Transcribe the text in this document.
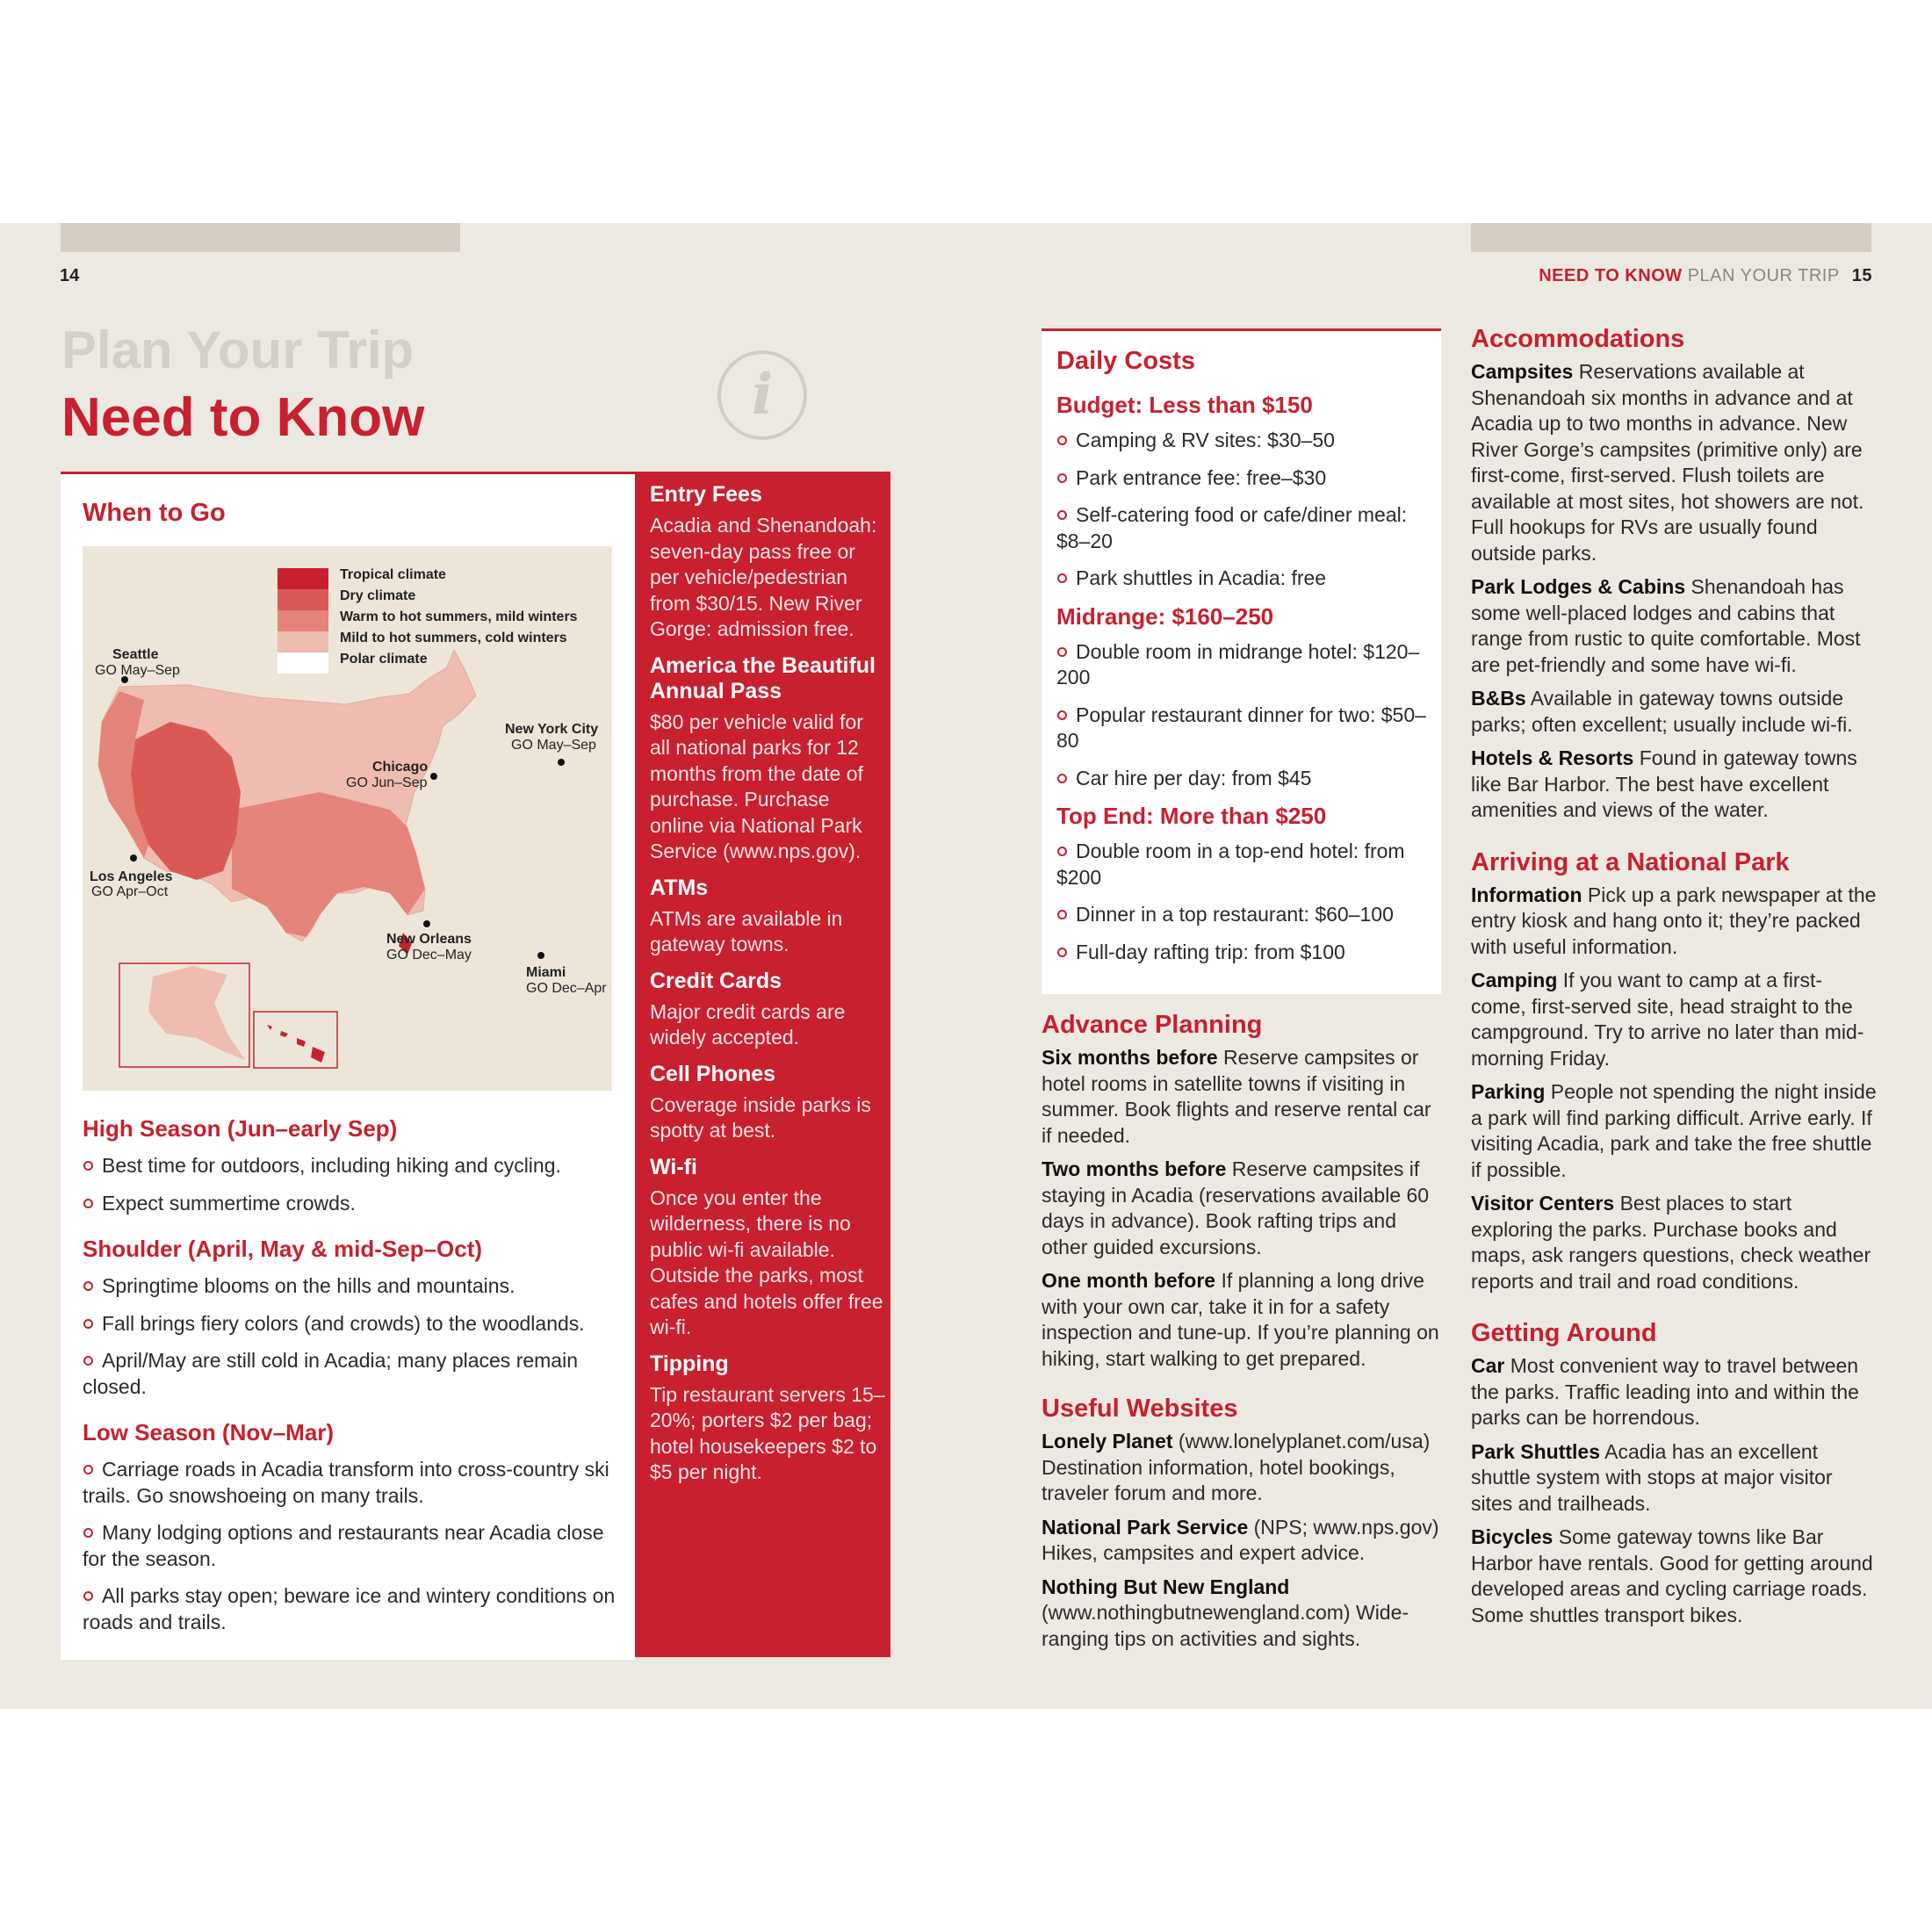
14	NEED TO KNOW PLAN YOUR TRIP 15
Plan Your Trip
Need to Know	i
When to Go
High Season (Jun–early Sep)
Best time for outdoors, including hiking and cycling.
Expect summertime crowds.
Shoulder (April, May & mid-Sep–Oct)
Springtime blooms on the hills and mountains.
Fall brings fiery colors (and crowds) to the woodlands.
April/May are still cold in Acadia; many places remain closed.
Low Season (Nov–Mar)
Carriage roads in Acadia transform into cross-country ski trails. Go snowshoeing on many trails.
Many lodging options and restaurants near Acadia close for the season.
All parks stay open; beware ice and wintery conditions on roads and trails.
Tropical climate
Dry climate
Warm to hot summers, mild winters
Mild to hot summers, cold winters
Polar climate
Seattle
GO May–Sep
New York City
GO May–Sep
Chicago
GO Jun–Sep
Los Angeles
GO Apr–Oct
New Orleans
GO Dec–May
Miami
GO Dec–Apr
Entry Fees

Acadia and Shenandoah: seven-day pass free or per vehicle/pedestrian from $30/15. New River Gorge: admission free.

America the Beautiful Annual Pass

$80 per vehicle valid for all national parks for 12 months from the date of purchase. Purchase online via National Park Service (www.nps.gov).

ATMs

ATMs are available in gateway towns.

Credit Cards

Major credit cards are widely accepted.

Cell Phones

Coverage inside parks is spotty at best.

Wi-fi

Once you enter the wilderness, there is no public wi-fi available. Outside the parks, most cafes and hotels offer free wi-fi.

Tipping

Tip restaurant servers 15–20%; porters $2 per bag; hotel housekeepers $2 to $5 per night.

Daily Costs
Budget: Less than $150
Camping & RV sites: $30–50
Park entrance fee: free–$30
Self-catering food or cafe/diner meal: $8–20
Park shuttles in Acadia: free
Midrange: $160–250
Double room in midrange hotel: $120–200
Popular restaurant dinner for two: $50–80
Car hire per day: from $45
Top End: More than $250
Double room in a top-end hotel: from $200
Dinner in a top restaurant: $60–100
Full-day rafting trip: from $100
Advance Planning

Six months before Reserve campsites or hotel rooms in satellite towns if visiting in summer. Book flights and reserve rental car if needed.

Two months before Reserve campsites if staying in Acadia (reservations available 60 days in advance). Book rafting trips and other guided excursions.

One month before If planning a long drive with your own car, take it in for a safety inspection and tune-up. If you’re planning on hiking, start walking to get prepared.

Useful Websites

Lonely Planet (www.lonelyplanet.com/usa) Destination information, hotel bookings, traveler forum and more.

National Park Service (NPS; www.nps.gov) Hikes, campsites and expert advice.

Nothing But New England (www.nothingbutnewengland.com) Wide-ranging tips on activities and sights.

Accommodations

Campsites Reservations available at Shenandoah six months in advance and at Acadia up to two months in advance. New River Gorge’s campsites (primitive only) are first-come, first-served. Flush toilets are available at most sites, hot showers are not. Full hookups for RVs are usually found outside parks.

Park Lodges & Cabins Shenandoah has some well-placed lodges and cabins that range from rustic to quite comfortable. Most are pet-friendly and some have wi-fi.

B&Bs Available in gateway towns outside parks; often excellent; usually include wi-fi.

Hotels & Resorts Found in gateway towns like Bar Harbor. The best have excellent amenities and views of the water.

Arriving at a National Park

Information Pick up a park newspaper at the entry kiosk and hang onto it; they’re packed with useful information.

Camping If you want to camp at a first-come, first-served site, head straight to the campground. Try to arrive no later than mid-morning Friday.

Parking People not spending the night inside a park will find parking difficult. Arrive early. If visiting Acadia, park and take the free shuttle if possible.

Visitor Centers Best places to start exploring the parks. Purchase books and maps, ask rangers questions, check weather reports and trail and road conditions.

Getting Around

Car Most convenient way to travel between the parks. Traffic leading into and within the parks can be horrendous.

Park Shuttles Acadia has an excellent shuttle system with stops at major visitor sites and trailheads.

Bicycles Some gateway towns like Bar Harbor have rentals. Good for getting around developed areas and cycling carriage roads. Some shuttles transport bikes.
